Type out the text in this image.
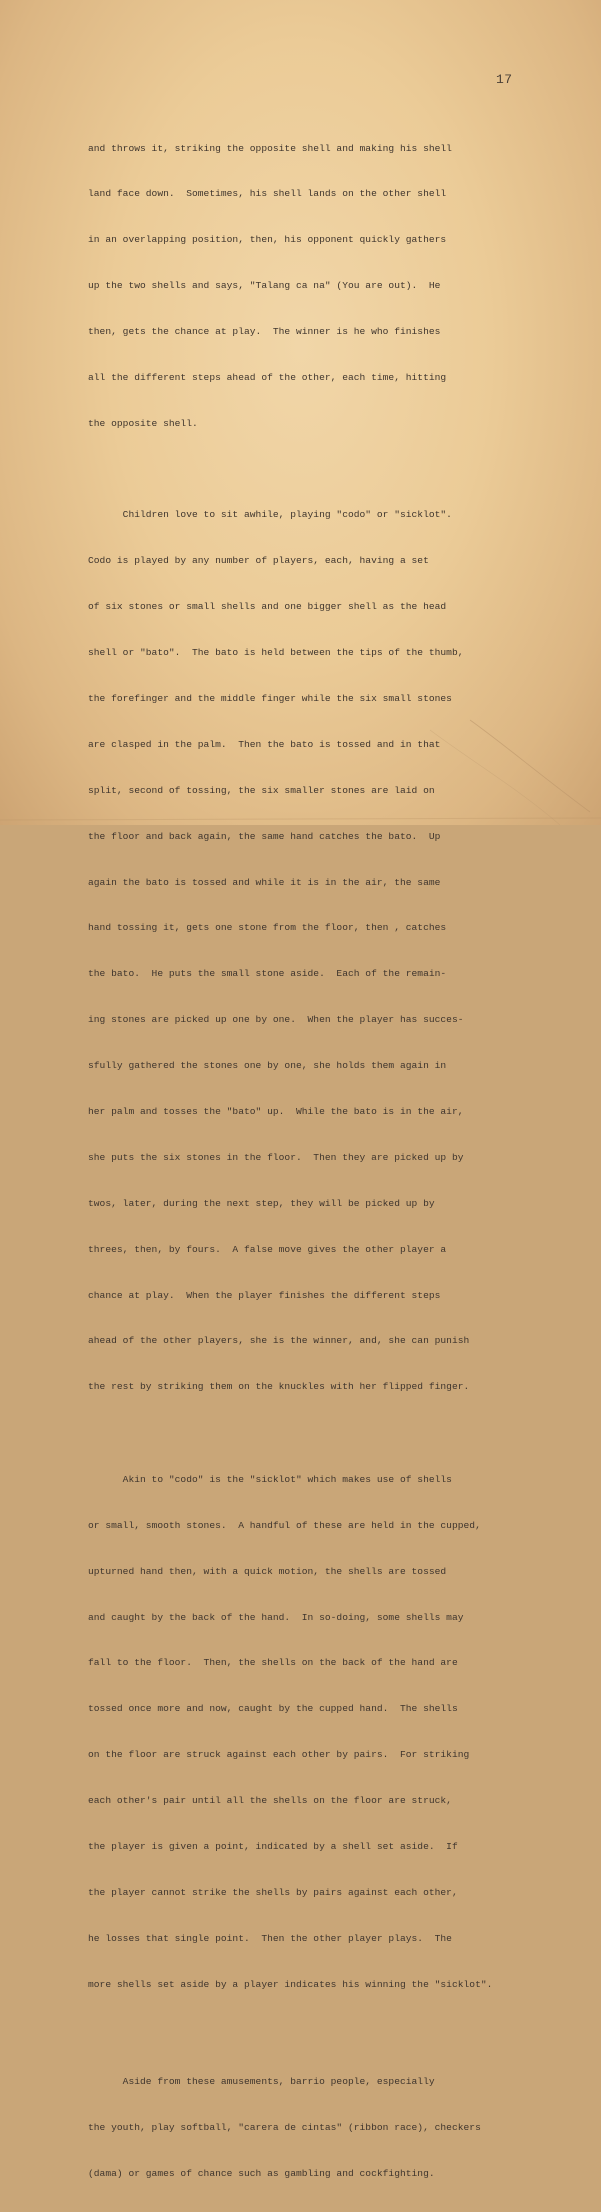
17

and throws it, striking the opposite shell and making his shell

land face down.  Sometimes, his shell lands on the other shell

in an overlapping position, then, his opponent quickly gathers

up the two shells and says, "Talang ca na" (You are out).  He

then, gets the chance at play.  The winner is he who finishes

all the different steps ahead of the other, each time, hitting

the opposite shell.

Children love to sit awhile, playing "codo" or "sicklot".

Codo is played by any number of players, each, having a set

of six stones or small shells and one bigger shell as the head

shell or "bato".  The bato is held between the tips of the thumb,

the forefinger and the middle finger while the six small stones

are clasped in the palm.  Then the bato is tossed and in that

split, second of tossing, the six smaller stones are laid on

the floor and back again, the same hand catches the bato.  Up

again the bato is tossed and while it is in the air, the same

hand tossing it, gets one stone from the floor, then , catches

the bato.  He puts the small stone aside.  Each of the remain-

ing stones are picked up one by one.  When the player has succes-

sfully gathered the stones one by one, she holds them again in

her palm and tosses the "bato" up.  While the bato is in the air,

she puts the six stones in the floor.  Then they are picked up by

twos, later, during the next step, they will be picked up by

threes, then, by fours.  A false move gives the other player a

chance at play.  When the player finishes the different steps

ahead of the other players, she is the winner, and, she can punish

the rest by striking them on the knuckles with her flipped finger.

Akin to "codo" is the "sicklot" which makes use of shells

or small, smooth stones.  A handful of these are held in the cupped,

upturned hand then, with a quick motion, the shells are tossed

and caught by the back of the hand.  In so-doing, some shells may

fall to the floor.  Then, the shells on the back of the hand are

tossed once more and now, caught by the cupped hand.  The shells

on the floor are struck against each other by pairs.  For striking

each other's pair until all the shells on the floor are struck,

the player is given a point, indicated by a shell set aside.  If

the player cannot strike the shells by pairs against each other,

he losses that single point.  Then the other player plays.  The

more shells set aside by a player indicates his winning the "sicklot".

Aside from these amusements, barrio people, especially

the youth, play softball, "carera de cintas" (ribbon race), checkers

(dama) or games of chance such as gambling and cockfighting.
